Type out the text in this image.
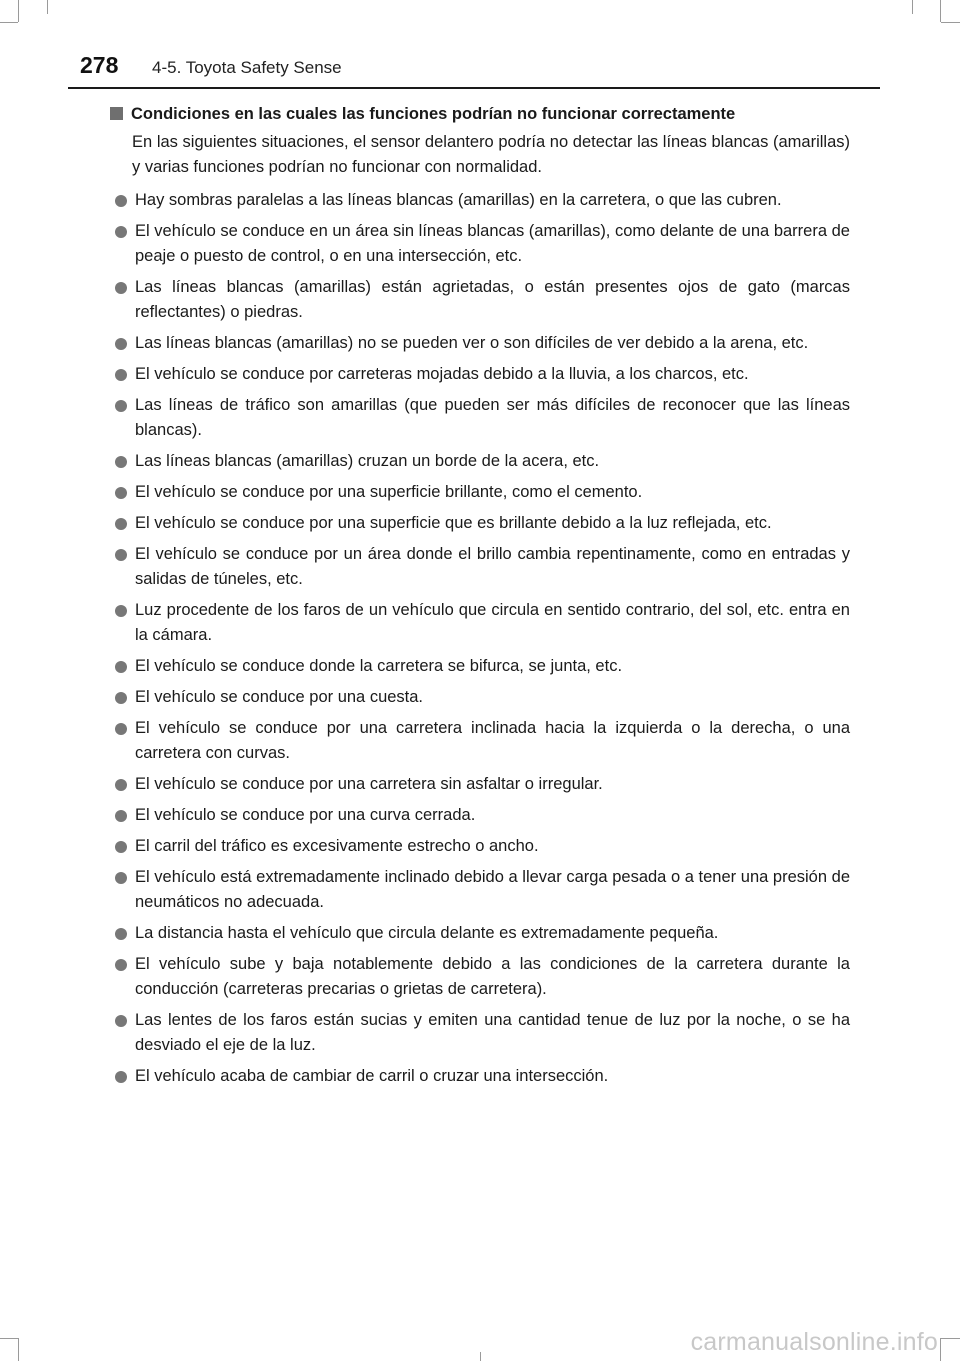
278 4-5. Toyota Safety Sense
Condiciones en las cuales las funciones podrían no funcionar correctamente
En las siguientes situaciones, el sensor delantero podría no detectar las líneas blancas (amarillas) y varias funciones podrían no funcionar con normalidad.
Hay sombras paralelas a las líneas blancas (amarillas) en la carretera, o que las cubren.
El vehículo se conduce en un área sin líneas blancas (amarillas), como delante de una barrera de peaje o puesto de control, o en una intersección, etc.
Las líneas blancas (amarillas) están agrietadas, o están presentes ojos de gato (marcas reflectantes) o piedras.
Las líneas blancas (amarillas) no se pueden ver o son difíciles de ver debido a la arena, etc.
El vehículo se conduce por carreteras mojadas debido a la lluvia, a los charcos, etc.
Las líneas de tráfico son amarillas (que pueden ser más difíciles de reconocer que las líneas blancas).
Las líneas blancas (amarillas) cruzan un borde de la acera, etc.
El vehículo se conduce por una superficie brillante, como el cemento.
El vehículo se conduce por una superficie que es brillante debido a la luz reflejada, etc.
El vehículo se conduce por un área donde el brillo cambia repentinamente, como en entradas y salidas de túneles, etc.
Luz procedente de los faros de un vehículo que circula en sentido contrario, del sol, etc. entra en la cámara.
El vehículo se conduce donde la carretera se bifurca, se junta, etc.
El vehículo se conduce por una cuesta.
El vehículo se conduce por una carretera inclinada hacia la izquierda o la derecha, o una carretera con curvas.
El vehículo se conduce por una carretera sin asfaltar o irregular.
El vehículo se conduce por una curva cerrada.
El carril del tráfico es excesivamente estrecho o ancho.
El vehículo está extremadamente inclinado debido a llevar carga pesada o a tener una presión de neumáticos no adecuada.
La distancia hasta el vehículo que circula delante es extremadamente pequeña.
El vehículo sube y baja notablemente debido a las condiciones de la carretera durante la conducción (carreteras precarias o grietas de carretera).
Las lentes de los faros están sucias y emiten una cantidad tenue de luz por la noche, o se ha desviado el eje de la luz.
El vehículo acaba de cambiar de carril o cruzar una intersección.
carmanualsonline.info
